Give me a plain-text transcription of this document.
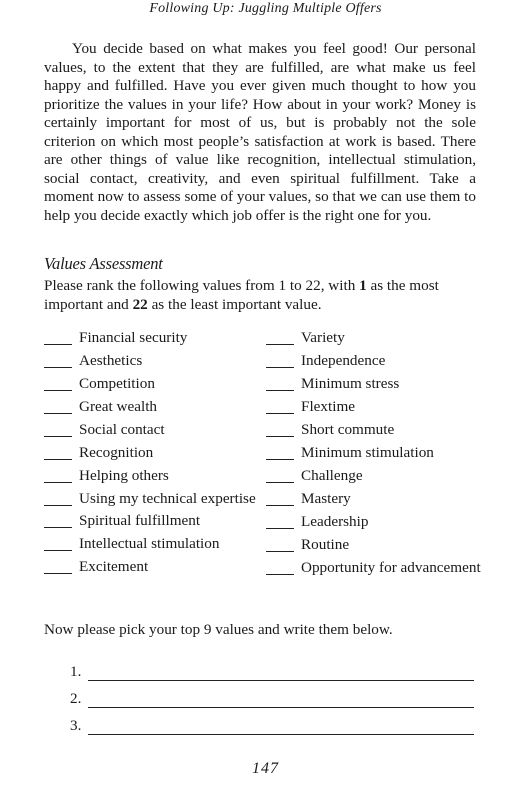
Following Up: Juggling Multiple Offers

You decide based on what makes you feel good! Our personal values, to the extent that they are fulfilled, are what make us feel happy and fulfilled. Have you ever given much thought to how you prioritize the values in your life? How about in your work? Money is certainly important for most of us, but is probably not the sole criterion on which most people’s satisfaction at work is based. There are other things of value like recognition, intellectual stimulation, social contact, creativity, and even spiritual fulfillment. Take a moment now to assess some of your values, so that we can use them to help you decide exactly which job offer is the right one for you.

Values Assessment

Please rank the following values from 1 to 22, with 1 as the most important and 22 as the least important value.

Financial security
Aesthetics
Competition
Great wealth
Social contact
Recognition
Helping others
Using my technical expertise
Spiritual fulfillment
Intellectual stimulation
Excitement
Variety
Independence
Minimum stress
Flextime
Short commute
Minimum stimulation
Challenge
Mastery
Leadership
Routine
Opportunity for advancement

Now please pick your top 9 values and write them below.

1.
2.
3.
147
